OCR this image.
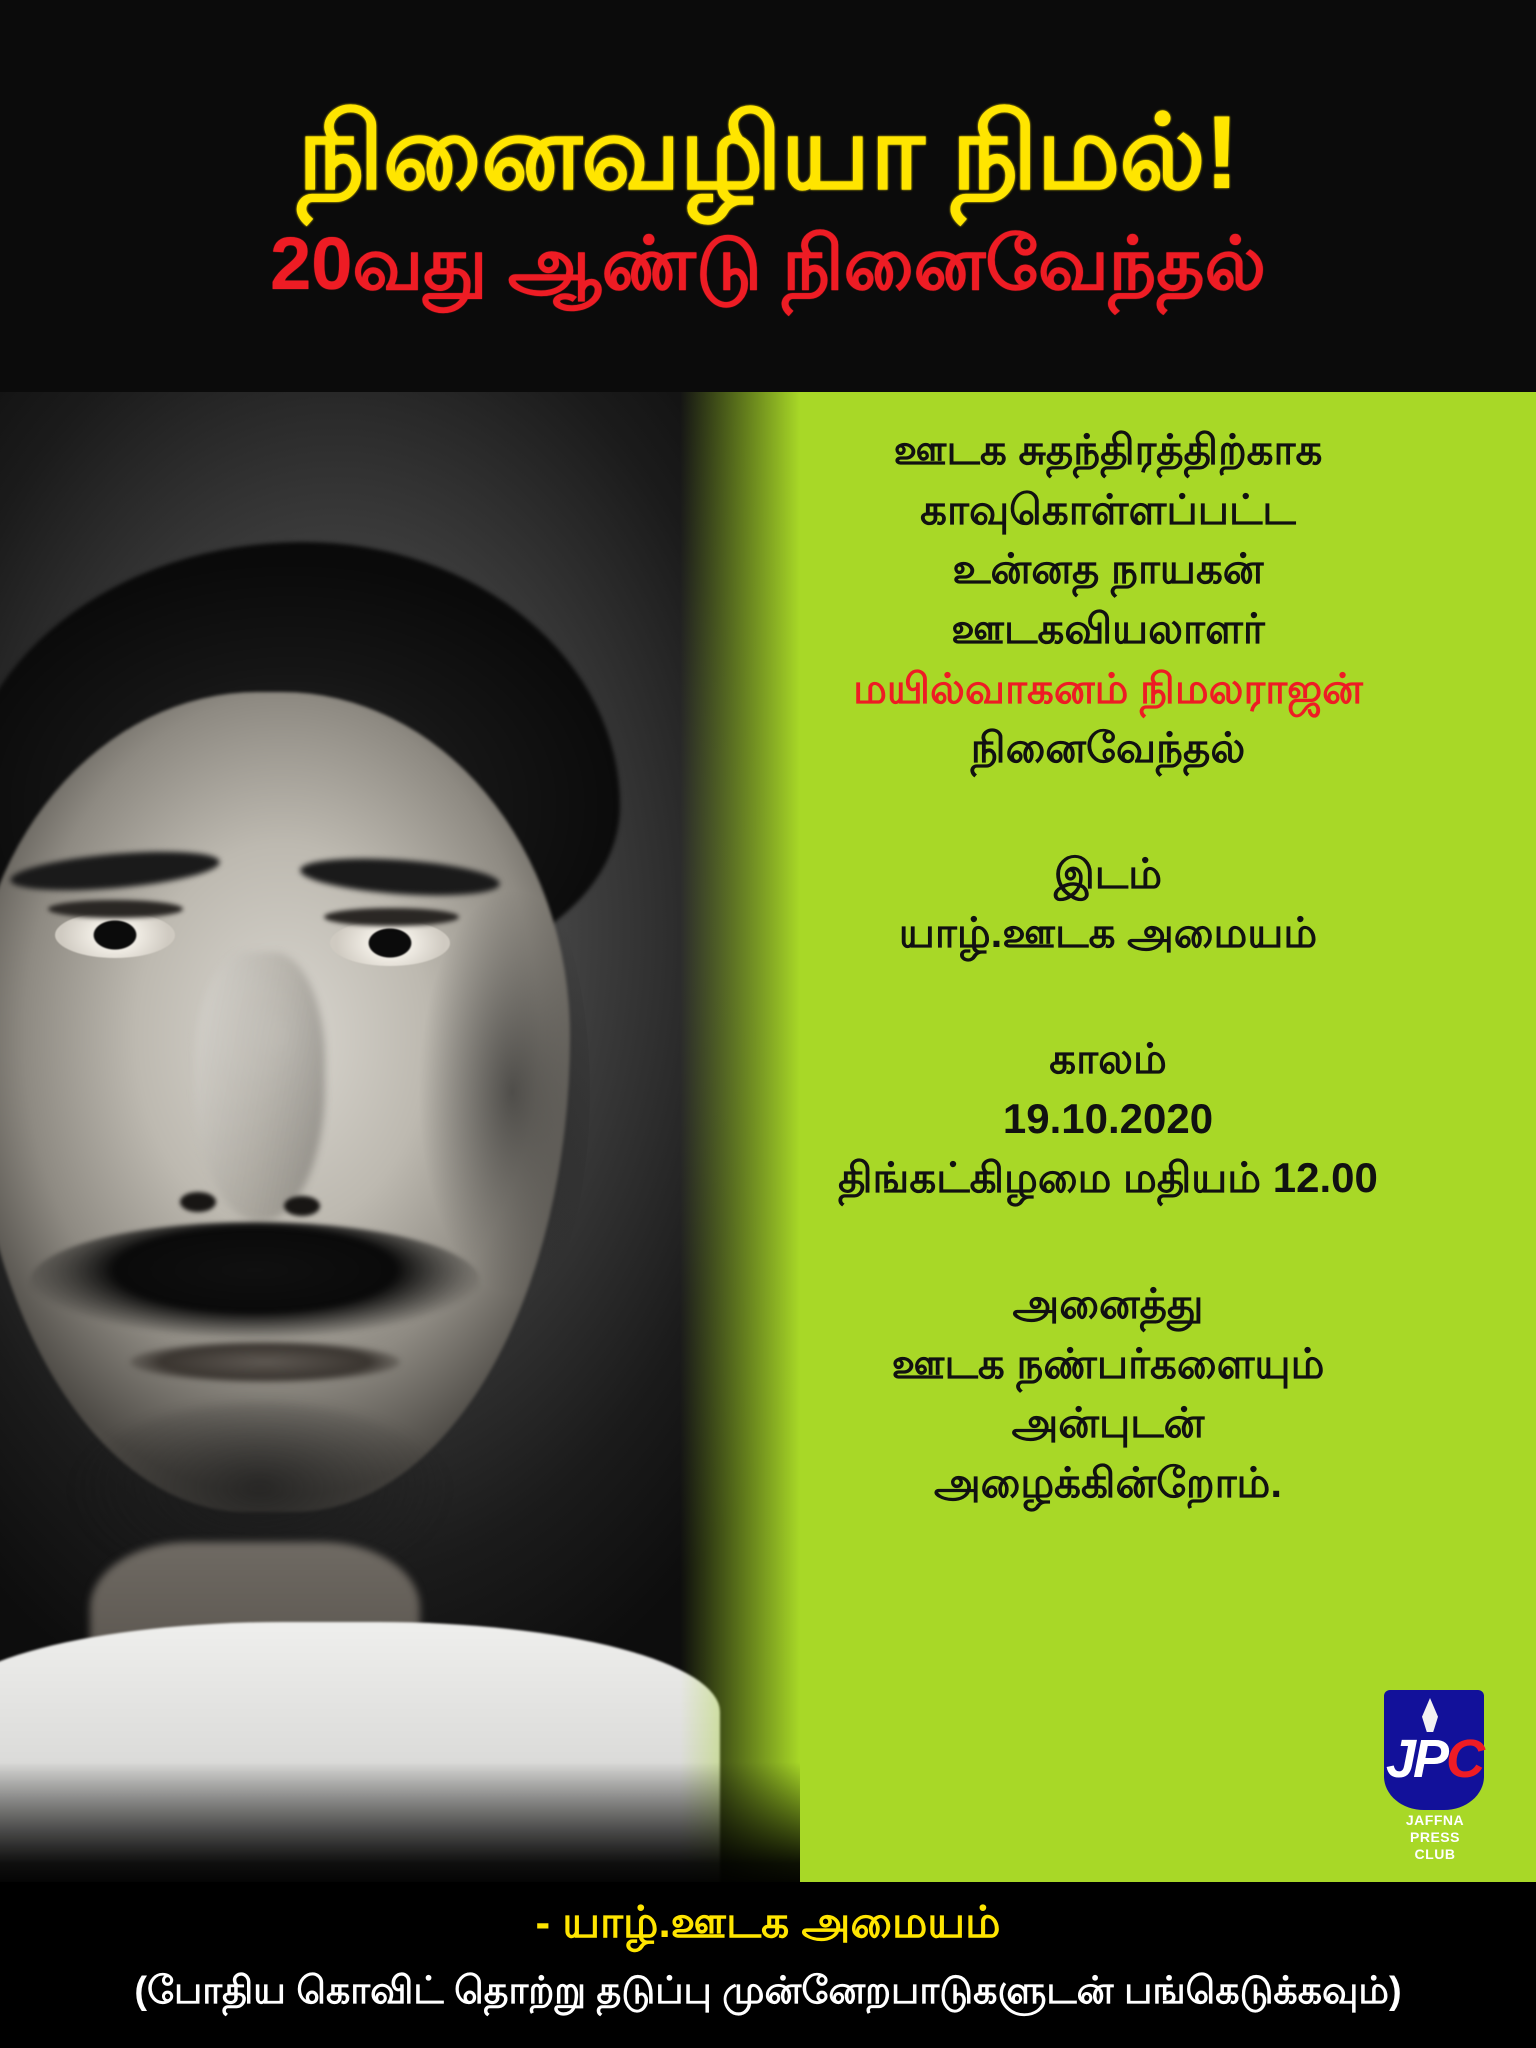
நினைவழியா நிமல்!
20வது ஆண்டு நினைவேந்தல்
ஊடக சுதந்திரத்திற்காக
காவுகொள்ளப்பட்ட
உன்னத நாயகன்
ஊடகவியலாளர்
மயில்வாகனம் நிமலராஜன்
நினைவேந்தல்
இடம்
யாழ்.ஊடக அமையம்
காலம்
19.10.2020
திங்கட்கிழமை மதியம் 12.00
அனைத்து
ஊடக நண்பர்களையும்
அன்புடன்
அழைக்கின்றோம்.
JPC
JAFFNA
PRESS
CLUB
- யாழ்.ஊடக அமையம்
(போதிய கொவிட் தொற்று தடுப்பு முன்னேறபாடுகளுடன் பங்கெடுக்கவும்)
